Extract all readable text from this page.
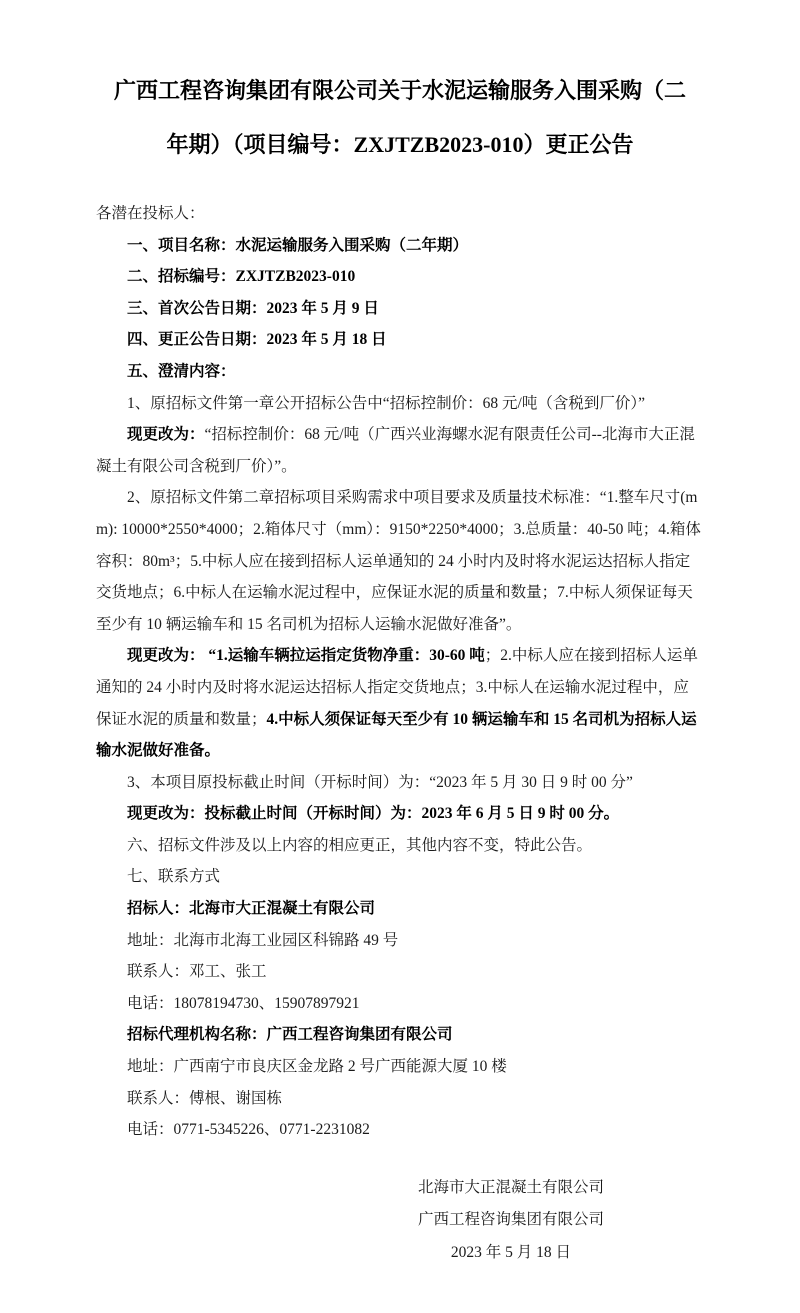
广西工程咨询集团有限公司关于水泥运输服务入围采购（二年期）（项目编号：ZXJTZB2023-010）更正公告

各潜在投标人：

一、项目名称：水泥运输服务入围采购（二年期）

二、招标编号：ZXJTZB2023-010

三、首次公告日期：2023 年 5 月 9 日

四、更正公告日期：2023 年 5 月 18 日

五、澄清内容：

1、原招标文件第一章公开招标公告中“招标控制价：68 元/吨（含税到厂价）”

现更改为：“招标控制价：68 元/吨（广西兴业海螺水泥有限责任公司--北海市大正混凝土有限公司含税到厂价）”。

2、原招标文件第二章招标项目采购需求中项目要求及质量技术标准：“1.整车尺寸(mm): 10000*2550*4000；2.箱体尺寸（mm）：9150*2250*4000；3.总质量：40-50 吨；4.箱体容积：80m³；5.中标人应在接到招标人运单通知的 24 小时内及时将水泥运达招标人指定交货地点；6.中标人在运输水泥过程中，应保证水泥的质量和数量；7.中标人须保证每天至少有 10 辆运输车和 15 名司机为招标人运输水泥做好准备”。

现更改为： “1.运输车辆拉运指定货物净重：30-60 吨；2.中标人应在接到招标人运单通知的 24 小时内及时将水泥运达招标人指定交货地点；3.中标人在运输水泥过程中，应保证水泥的质量和数量；4.中标人须保证每天至少有 10 辆运输车和 15 名司机为招标人运输水泥做好准备。

3、本项目原投标截止时间（开标时间）为：“2023 年 5 月 30 日 9 时 00 分”

现更改为：投标截止时间（开标时间）为：2023 年 6 月 5 日 9 时 00 分。

六、招标文件涉及以上内容的相应更正，其他内容不变，特此公告。

七、联系方式

招标人：北海市大正混凝土有限公司

地址：北海市北海工业园区科锦路 49 号

联系人：邓工、张工

电话：18078194730、15907897921

招标代理机构名称：广西工程咨询集团有限公司

地址：广西南宁市良庆区金龙路 2 号广西能源大厦 10 楼

联系人：傅根、谢国栋

电话：0771-5345226、0771-2231082

北海市大正混凝土有限公司
广西工程咨询集团有限公司
2023 年 5 月 18 日
